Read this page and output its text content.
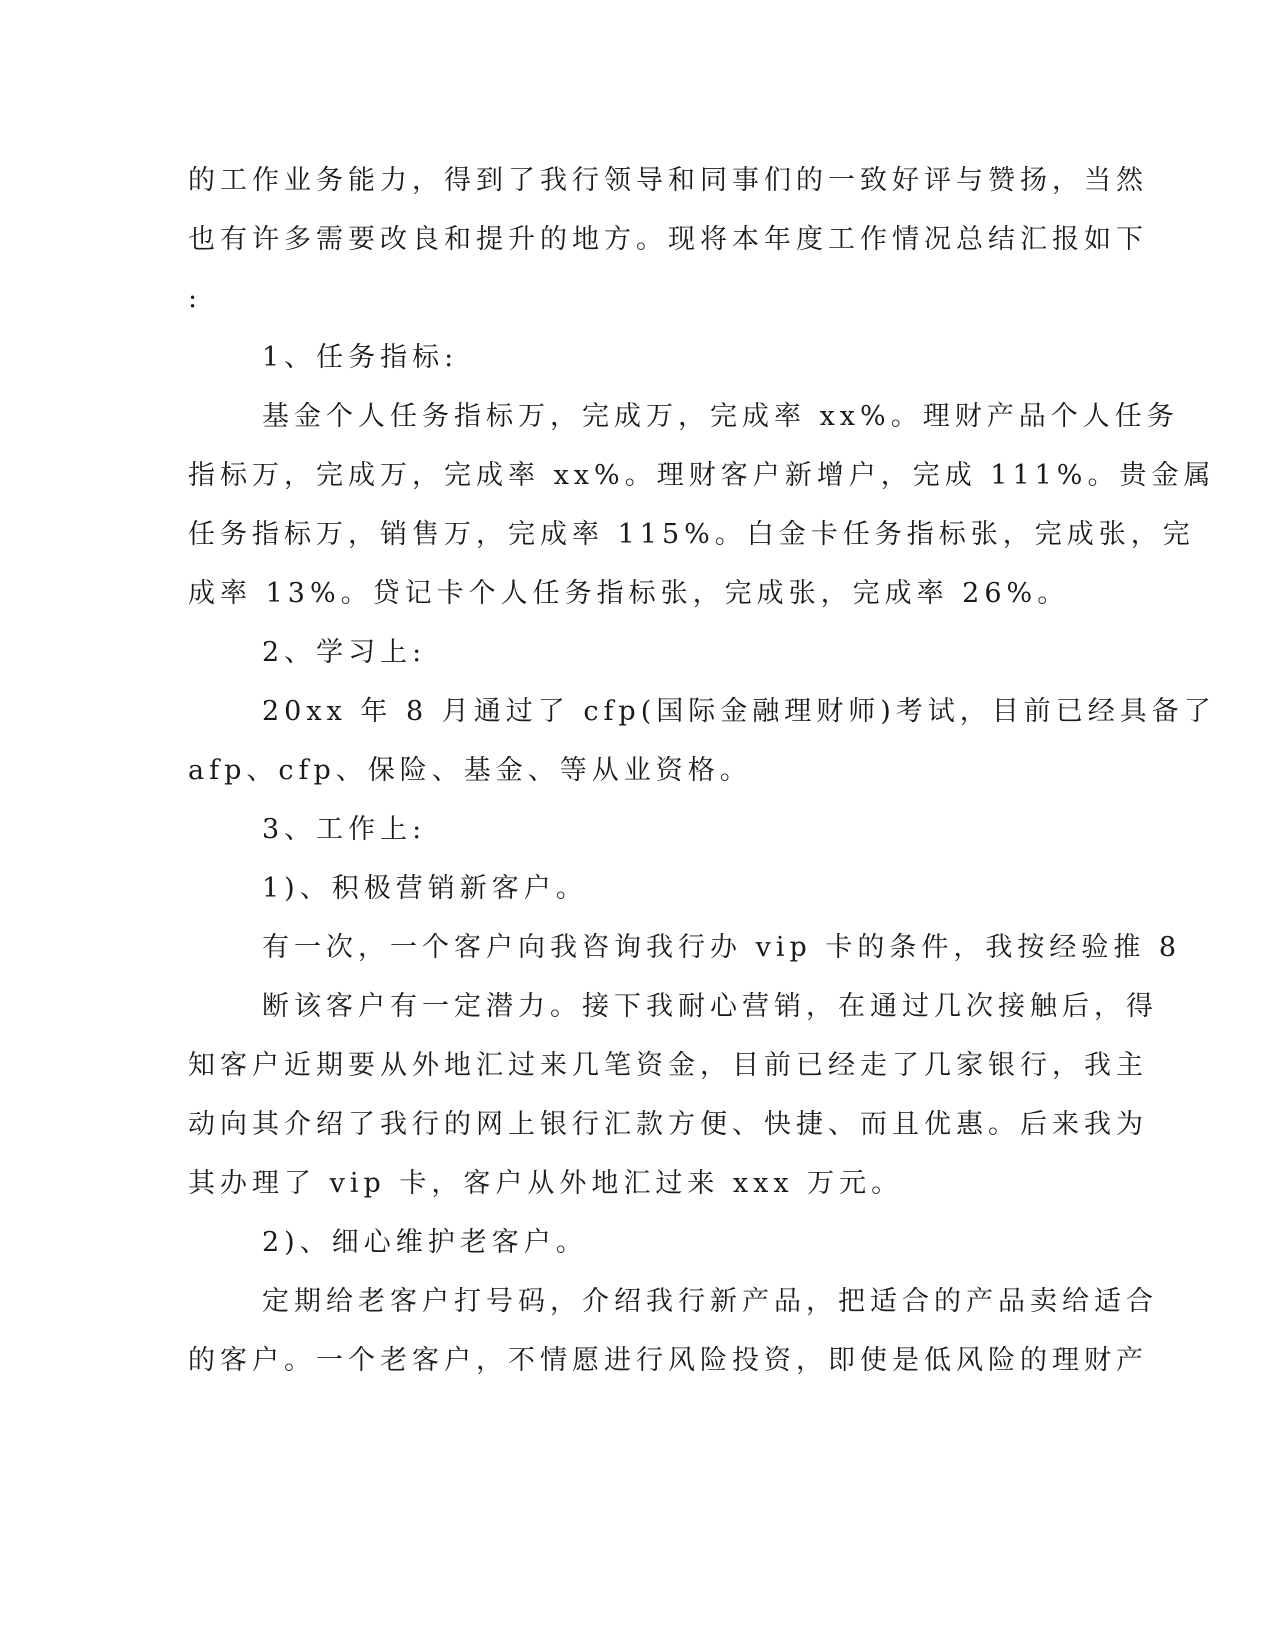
的工作业务能力，得到了我行领导和同事们的一致好评与赞扬，当然
也有许多需要改良和提升的地方。现将本年度工作情况总结汇报如下
:
1、任务指标:
基金个人任务指标万，完成万，完成率 xx%。理财产品个人任务
指标万，完成万，完成率 xx%。理财客户新增户，完成 111%。贵金属
任务指标万，销售万，完成率 115%。白金卡任务指标张，完成张，完
成率 13%。贷记卡个人任务指标张，完成张，完成率 26%。
2、学习上:
20xx 年 8 月通过了 cfp(国际金融理财师)考试，目前已经具备了
afp、cfp、保险、基金、等从业资格。
3、工作上:
1)、积极营销新客户。
有一次，一个客户向我咨询我行办 vip 卡的条件，我按经验推 8
断该客户有一定潜力。接下我耐心营销，在通过几次接触后，得
知客户近期要从外地汇过来几笔资金，目前已经走了几家银行，我主
动向其介绍了我行的网上银行汇款方便、快捷、而且优惠。后来我为
其办理了 vip 卡，客户从外地汇过来 xxx 万元。
2)、细心维护老客户。
定期给老客户打号码，介绍我行新产品，把适合的产品卖给适合
的客户。一个老客户，不情愿进行风险投资，即使是低风险的理财产
